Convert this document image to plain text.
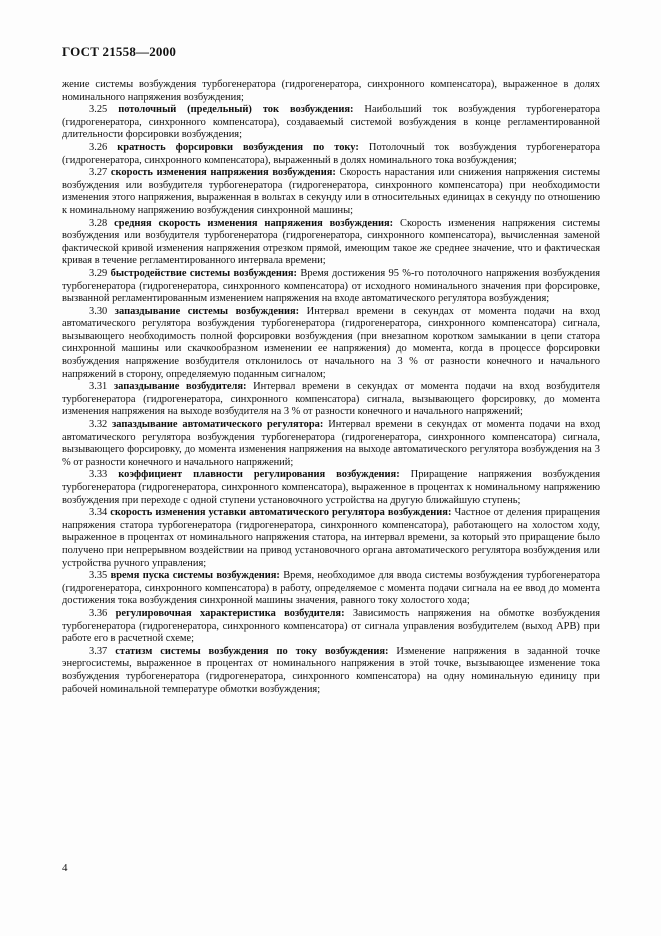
ГОСТ 21558—2000

жение системы возбуждения турбогенератора (гидрогенератора, синхронного компенсатора), выраженное в долях номинального напряжения возбуждения;

3.25 потолочный (предельный) ток возбуждения: Наибольший ток возбуждения турбогенератора (гидрогенератора, синхронного компенсатора), создаваемый системой возбуждения в конце регламентированной длительности форсировки возбуждения;

3.26 кратность форсировки возбуждения по току: Потолочный ток возбуждения турбогенератора (гидрогенератора, синхронного компенсатора), выраженный в долях номинального тока возбуждения;

3.27 скорость изменения напряжения возбуждения: Скорость нарастания или снижения напряжения системы возбуждения или возбудителя турбогенератора (гидрогенератора, синхронного компенсатора) при необходимости изменения этого напряжения, выраженная в вольтах в секунду или в относительных единицах в секунду по отношению к номинальному напряжению возбуждения синхронной машины;

3.28 средняя скорость изменения напряжения возбуждения: Скорость изменения напряжения системы возбуждения или возбудителя турбогенератора (гидрогенератора, синхронного компенсатора), вычисленная заменой фактической кривой изменения напряжения отрезком прямой, имеющим такое же среднее значение, что и фактическая кривая в течение регламентированного интервала времени;

3.29 быстродействие системы возбуждения: Время достижения 95 %-го потолочного напряжения возбуждения турбогенератора (гидрогенератора, синхронного компенсатора) от исходного номинального значения при форсировке, вызванной регламентированным изменением напряжения на входе автоматического регулятора возбуждения;

3.30 запаздывание системы возбуждения: Интервал времени в секундах от момента подачи на вход автоматического регулятора возбуждения турбогенератора (гидрогенератора, синхронного компенсатора) сигнала, вызывающего необходимость полной форсировки возбуждения (при внезапном коротком замыкании в цепи статора синхронной машины или скачкообразном изменении ее напряжения) до момента, когда в процессе форсировки возбуждения напряжение возбудителя отклонилось от начального на 3 % от разности конечного и начального напряжений в сторону, определяемую поданным сигналом;

3.31 запаздывание возбудителя: Интервал времени в секундах от момента подачи на вход возбудителя турбогенератора (гидрогенератора, синхронного компенсатора) сигнала, вызывающего форсировку, до момента изменения напряжения на выходе возбудителя на 3 % от разности конечного и начального напряжений;

3.32 запаздывание автоматического регулятора: Интервал времени в секундах от момента подачи на вход автоматического регулятора возбуждения турбогенератора (гидрогенератора, синхронного компенсатора) сигнала, вызывающего форсировку, до момента изменения напряжения на выходе автоматического регулятора возбуждения на 3 % от разности конечного и начального напряжений;

3.33 коэффициент плавности регулирования возбуждения: Приращение напряжения возбуждения турбогенератора (гидрогенератора, синхронного компенсатора), выраженное в процентах к номинальному напряжению возбуждения при переходе с одной ступени установочного устройства на другую ближайшую ступень;

3.34 скорость изменения уставки автоматического регулятора возбуждения: Частное от деления приращения напряжения статора турбогенератора (гидрогенератора, синхронного компенсатора), работающего на холостом ходу, выраженное в процентах от номинального напряжения статора, на интервал времени, за который это приращение было получено при непрерывном воздействии на привод установочного органа автоматического регулятора возбуждения или устройства ручного управления;

3.35 время пуска системы возбуждения: Время, необходимое для ввода системы возбуждения турбогенератора (гидрогенератора, синхронного компенсатора) в работу, определяемое с момента подачи сигнала на ее ввод до момента достижения тока возбуждения синхронной машины значения, равного току холостого хода;

3.36 регулировочная характеристика возбудителя: Зависимость напряжения на обмотке возбуждения турбогенератора (гидрогенератора, синхронного компенсатора) от сигнала управления возбудителем (выход АРВ) при работе его в расчетной схеме;

3.37 статизм системы возбуждения по току возбуждения: Изменение напряжения в заданной точке энергосистемы, выраженное в процентах от номинального напряжения в этой точке, вызывающее изменение тока возбуждения турбогенератора (гидрогенератора, синхронного компенсатора) на одну номинальную единицу при рабочей номинальной температуре обмотки возбуждения;

4
